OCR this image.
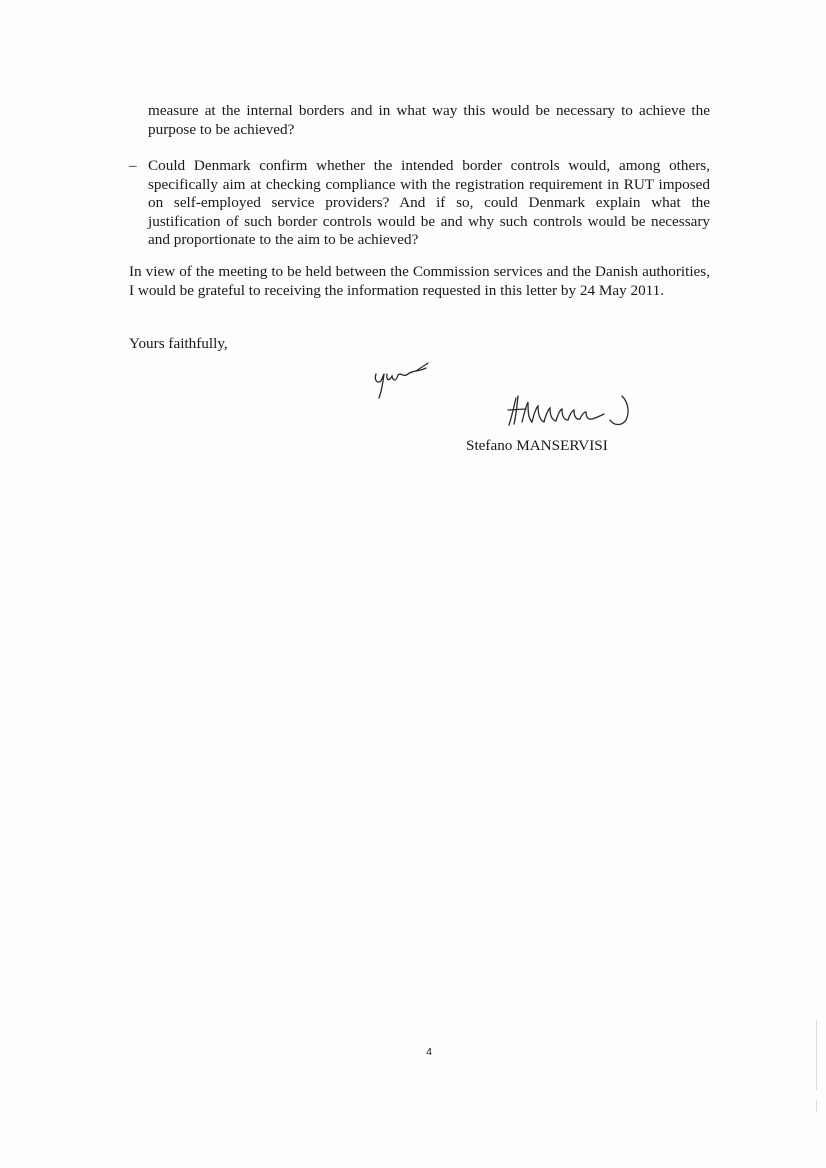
measure at the internal borders and in what way this would be necessary to achieve the purpose to be achieved?

– Could Denmark confirm whether the intended border controls would, among others, specifically aim at checking compliance with the registration requirement in RUT imposed on self-employed service providers? And if so, could Denmark explain what the justification of such border controls would be and why such controls would be necessary and proportionate to the aim to be achieved?

In view of the meeting to be held between the Commission services and the Danish authorities, I would be grateful to receiving the information requested in this letter by 24 May 2011.

Yours faithfully,

Stefano MANSERVISI
4
